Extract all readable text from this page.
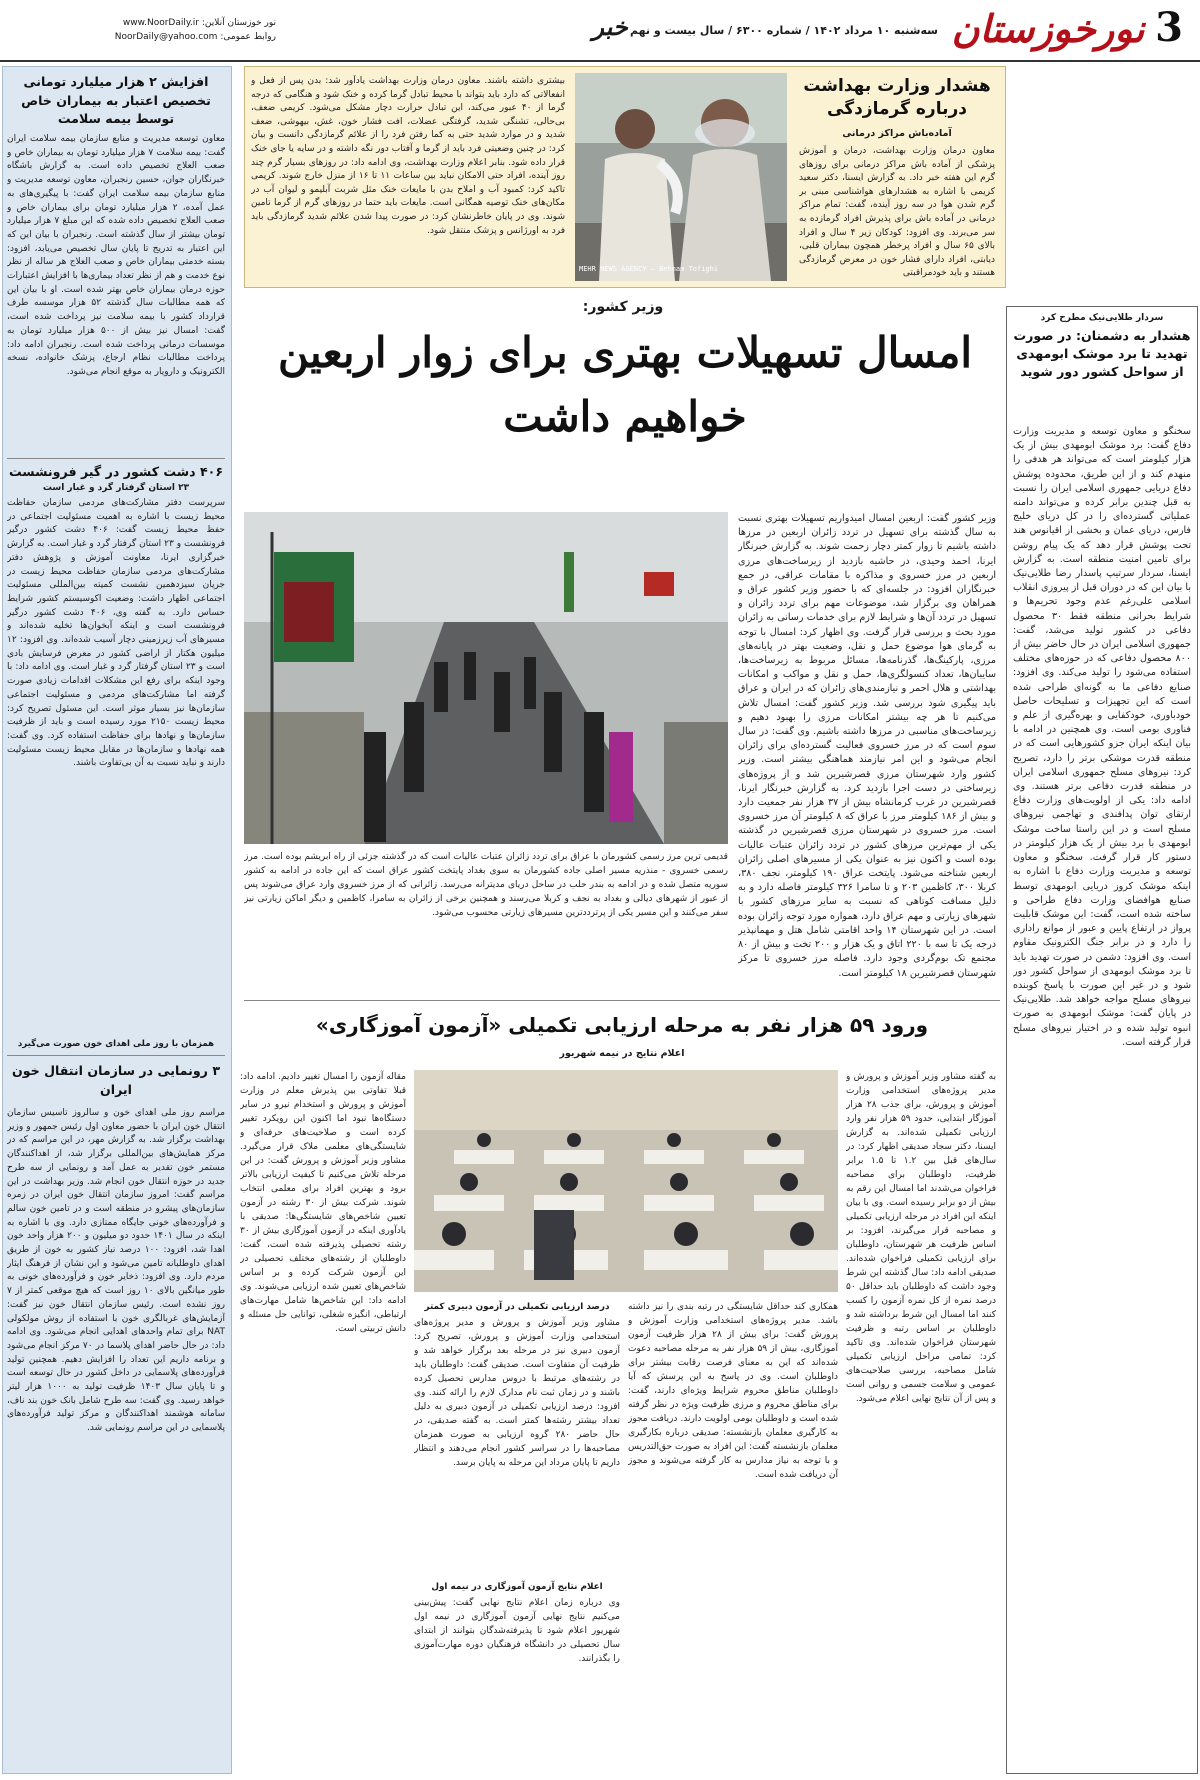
3
نورخوزستان
سه‌شنبه ۱۰ مرداد ۱۴۰۲ / شماره ۶۳۰۰ / سال بیست و نهم
خبر
نور خوزستان آنلاین: www.NoorDaily.ir
روابط عمومی: NoorDaily@yahoo.com
هشدار وزارت بهداشت درباره گرمازدگی
آماده‌باش مراکز درمانی
معاون درمان وزارت بهداشت، درمان و آموزش پزشکی از آماده باش مراکز درمانی برای روزهای گرم این هفته خبر داد. به گزارش ایسنا، دکتر سعید کریمی با اشاره به هشدارهای هواشناسی مبنی بر گرم شدن هوا در سه روز آینده، گفت: تمام مراکز درمانی در آماده باش برای پذیرش افراد گرمازده به سر می‌برند. وی افزود: کودکان زیر ۴ سال و افراد بالای ۶۵ سال و افراد پرخطر همچون بیماران قلبی، دیابتی، افراد دارای فشار خون در معرض گرمازدگی هستند و باید خودمراقبتی
MEHR NEWS AGENCY — Behnam Tofighi
بیشتری داشته باشند. معاون درمان وزارت بهداشت یادآور شد: بدن پس از فعل و انفعالاتی که دارد باید بتواند با محیط تبادل گرما کرده و خنک شود و هنگامی که درجه گرما از ۴۰ عبور می‌کند، این تبادل حرارت دچار مشکل می‌شود. کریمی ضعف، بی‌حالی، تشنگی شدید، گرفتگی عضلات، افت فشار خون، غش، بیهوشی، ضعف شدید و در موارد شدید حتی به کما رفتن فرد را از علائم گرمازدگی دانست و بیان کرد: در چنین وضعیتی فرد باید از گرما و آفتاب دور نگه داشته و در سایه یا جای خنک قرار داده شود. بنابر اعلام وزارت بهداشت، وی ادامه داد: در روزهای بسیار گرم چند روز آینده، افراد حتی الامکان نباید بین ساعات ۱۱ تا ۱۶ از منزل خارج شوند. کریمی تاکید کرد: کمبود آب و املاح بدن با مایعات خنک مثل شربت آبلیمو و لیوان آب در مکان‌های خنک توصیه همگانی است. مایعات باید حتما در روزهای گرم از گرما تامین شوند. وی در پایان خاطرنشان کرد: در صورت پیدا شدن علائم شدید گرمازدگی باید فرد به اورژانس و پزشک منتقل شود.
سردار طلایی‌نیک مطرح کرد
هشدار به دشمنان: در صورت تهدید تا برد موشک ابومهدی از سواحل کشور دور شوید
سخنگو و معاون توسعه و مدیریت وزارت دفاع گفت: برد موشک ابومهدی بیش از یک هزار کیلومتر است که می‌تواند هر هدفی را منهدم کند و از این طریق، محدوده پوشش دفاع دریایی جمهوری اسلامی ایران را نسبت به قبل چندین برابر کرده و می‌تواند دامنه عملیاتی گسترده‌ای را در کل دریای خلیج فارس، دریای عمان و بخشی از اقیانوس هند تحت پوشش قرار دهد که یک پیام روشن برای تامین امنیت منطقه است. به گزارش ایسنا، سردار سرتیپ پاسدار رضا طلایی‌نیک با بیان این که در دوران قبل از پیروزی انقلاب اسلامی علی‌رغم عدم وجود تحریم‌ها و شرایط بحرانی منطقه فقط ۳۰ محصول دفاعی در کشور تولید می‌شد، گفت: جمهوری اسلامی ایران در حال حاضر بیش از ۸۰۰ محصول دفاعی که در حوزه‌های مختلف استفاده می‌شود را تولید می‌کند. وی افزود: صنایع دفاعی ما به گونه‌ای طراحی شده است که این تجهیزات و تسلیحات حاصل خودباوری، خودکفایی و بهره‌گیری از علم و فناوری بومی است. وی همچنین در ادامه با بیان اینکه ایران جزو کشورهایی است که در منطقه قدرت موشکی برتر را دارد، تصریح کرد: نیروهای مسلح جمهوری اسلامی ایران در منطقه قدرت دفاعی برتر هستند. وی ادامه داد: یکی از اولویت‌های وزارت دفاع ارتقای توان پدافندی و تهاجمی نیروهای مسلح است و در این راستا ساخت موشک ابومهدی با برد بیش از یک هزار کیلومتر در دستور کار قرار گرفت. سخنگو و معاون توسعه و مدیریت وزارت دفاع با اشاره به اینکه موشک کروز دریایی ابومهدی توسط صنایع هوافضای وزارت دفاع طراحی و ساخته شده است، گفت: این موشک قابلیت پرواز در ارتفاع پایین و عبور از موانع راداری را دارد و در برابر جنگ الکترونیک مقاوم است. وی افزود: دشمن در صورت تهدید باید تا برد موشک ابومهدی از سواحل کشور دور شود و در غیر این صورت با پاسخ کوبنده نیروهای مسلح مواجه خواهد شد. طلایی‌نیک در پایان گفت: موشک ابومهدی به صورت انبوه تولید شده و در اختیار نیروهای مسلح قرار گرفته است.
افزایش ۲ هزار میلیارد تومانی تخصیص اعتبار به بیماران خاص توسط بیمه سلامت
معاون توسعه مدیریت و منابع سازمان بیمه سلامت ایران گفت: بیمه سلامت ۷ هزار میلیارد تومان به بیماران خاص و صعب العلاج تخصیص داده است. به گزارش باشگاه خبرنگاران جوان، حسین رنجبران، معاون توسعه مدیریت و منابع سازمان بیمه سلامت ایران گفت: با پیگیری‌های به عمل آمده، ۲ هزار میلیارد تومان برای بیماران خاص و صعب العلاج تخصیص داده شده که این مبلغ ۷ هزار میلیارد تومان بیشتر از سال گذشته است. رنجبران با بیان این که این اعتبار به تدریج تا پایان سال تخصیص می‌یابد، افزود: بسته خدمتی بیماران خاص و صعب العلاج هر ساله از نظر نوع خدمت و هم از نظر تعداد بیماری‌ها با افزایش اعتبارات حوزه درمان بیماران خاص بهتر شده است. او با بیان این که همه مطالبات سال گذشته ۵۲ هزار موسسه طرف قرارداد کشور با بیمه سلامت نیز پرداخت شده است، گفت: امسال نیز بیش از ۵۰۰ هزار میلیارد تومان به موسسات درمانی پرداخت شده است. رنجبران ادامه داد: پرداخت مطالبات نظام ارجاع، پزشک خانواده، نسخه الکترونیک و دارویار به موقع انجام می‌شود.
۴۰۶ دشت کشور در گیر فرونشست
۲۳ استان گرفتار گرد و غبار است
سرپرست دفتر مشارکت‌های مردمی سازمان حفاظت محیط زیست با اشاره به اهمیت مسئولیت اجتماعی در حفظ محیط زیست گفت: ۴۰۶ دشت کشور درگیر فرونشست و ۲۳ استان گرفتار گرد و غبار است. به گزارش خبرگزاری ایرنا، معاونت آموزش و پژوهش دفتر مشارکت‌های مردمی سازمان حفاظت محیط زیست در جریان سیزدهمین نشست کمیته بین‌المللی مسئولیت اجتماعی اظهار داشت: وضعیت اکوسیستم کشور شرایط حساس دارد. به گفته وی، ۴۰۶ دشت کشور درگیر فرونشست است و اینکه آبخوان‌ها تخلیه شده‌اند و مسیرهای آب زیرزمینی دچار آسیب شده‌اند. وی افزود: ۱۲ میلیون هکتار از اراضی کشور در معرض فرسایش بادی است و ۲۳ استان گرفتار گرد و غبار است. وی ادامه داد: با وجود اینکه برای رفع این مشکلات اقدامات زیادی صورت گرفته اما مشارکت‌های مردمی و مسئولیت اجتماعی سازمان‌ها نیز بسیار موثر است. این مسئول تصریح کرد: محیط زیست ۲۱۵۰ مورد رسیده است و باید از ظرفیت سازمان‌ها و نهادها برای حفاظت استفاده کرد. وی گفت: همه نهادها و سازمان‌ها در مقابل محیط زیست مسئولیت دارند و نباید نسبت به آن بی‌تفاوت باشند.
همزمان با روز ملی اهدای خون صورت می‌گیرد
۳ رونمایی در سازمان انتقال خون ایران
مراسم روز ملی اهدای خون و سالروز تاسیس سازمان انتقال خون ایران با حضور معاون اول رئیس جمهور و وزیر بهداشت برگزار شد. به گزارش مهر، در این مراسم که در مرکز همایش‌های بین‌المللی برگزار شد، از اهداکنندگان مستمر خون تقدیر به عمل آمد و رونمایی از سه طرح جدید در حوزه انتقال خون انجام شد. وزیر بهداشت در این مراسم گفت: امروز سازمان انتقال خون ایران در زمره سازمان‌های پیشرو در منطقه است و در تامین خون سالم و فرآورده‌های خونی جایگاه ممتازی دارد. وی با اشاره به اینکه در سال ۱۴۰۱ حدود دو میلیون و ۲۰۰ هزار واحد خون اهدا شد، افزود: ۱۰۰ درصد نیاز کشور به خون از طریق اهدای داوطلبانه تامین می‌شود و این نشان از فرهنگ ایثار مردم دارد. وی افزود: ذخایر خون و فرآورده‌های خونی به طور میانگین بالای ۱۰ روز است که هیچ موقعی کمتر از ۷ روز نشده است. رئیس سازمان انتقال خون نیز گفت: آزمایش‌های غربالگری خون با استفاده از روش مولکولی NAT برای تمام واحدهای اهدایی انجام می‌شود. وی ادامه داد: در حال حاضر اهدای پلاسما در ۷۰ مرکز انجام می‌شود و برنامه داریم این تعداد را افزایش دهیم. همچنین تولید فرآورده‌های پلاسمایی در داخل کشور در حال توسعه است و تا پایان سال ۱۴۰۳ ظرفیت تولید به ۱۰۰۰ هزار لیتر خواهد رسید. وی گفت: سه طرح شامل بانک خون بند ناف، سامانه هوشمند اهداکنندگان و مرکز تولید فرآورده‌های پلاسمایی در این مراسم رونمایی شد.
وزیر کشور:
امسال تسهیلات بهتری برای زوار اربعین
خواهیم داشت
وزیر کشور گفت: اربعین امسال امیدواریم تسهیلات بهتری نسبت به سال گذشته برای تسهیل در تردد زائران اربعین در مرزها داشته باشیم تا زوار کمتر دچار زحمت شوند. به گزارش خبرنگار ایرنا، احمد وحیدی، در حاشیه بازدید از زیرساخت‌های مرزی اربعین در مرز خسروی و مذاکره با مقامات عراقی، در جمع خبرنگاران افزود: در جلسه‌ای که با حضور وزیر کشور عراق و همراهان وی برگزار شد، موضوعات مهم برای تردد زائران و تسهیل در تردد آن‌ها و شرایط لازم برای خدمات رسانی به زائران مورد بحث و بررسی قرار گرفت. وی اظهار کرد: امسال با توجه به گرمای هوا موضوع حمل و نقل، وضعیت بهتر در پایانه‌های مرزی، پارکینگ‌ها، گذرنامه‌ها، مسائل مربوط به زیرساخت‌ها، سایبان‌ها، تعداد کنسولگری‌ها، حمل و نقل و مواکب و امکانات بهداشتی و هلال احمر و نیازمندی‌های زائران که در ایران و عراق باید پیگیری شود بررسی شد. وزیر کشور گفت: امسال تلاش می‌کنیم تا هر چه بیشتر امکانات مرزی را بهبود دهیم و زیرساخت‌های مناسبی در مرزها داشته باشیم. وی گفت: در سال سوم است که در مرز خسروی فعالیت گسترده‌ای برای زائران انجام می‌شود و این امر نیازمند هماهنگی بیشتر است. وزیر کشور وارد شهرستان مرزی قصرشیرین شد و از پروژه‌های زیرساختی در دست اجرا بازدید کرد. به گزارش خبرنگار ایرنا، قصرشیرین در غرب کرمانشاه بیش از ۳۷ هزار نفر جمعیت دارد و بیش از ۱۸۶ کیلومتر مرز با عراق که ۸ کیلومتر آن مرز خسروی است. مرز خسروی در شهرستان مرزی قصرشیرین در گذشته یکی از مهم‌ترین مرزهای کشور در تردد زائران عتبات عالیات بوده است و اکنون نیز به عنوان یکی از مسیرهای اصلی زائران اربعین شناخته می‌شود. پایتخت عراق ۱۹۰ کیلومتر، نجف ۳۸۰، کربلا ۳۰۰، کاظمین ۲۰۳ و تا سامرا ۳۲۶ کیلومتر فاصله دارد و به دلیل مسافت کوتاهی که نسبت به سایر مرزهای کشور با شهرهای زیارتی و مهم عراق دارد، همواره مورد توجه زائران بوده است. در این شهرستان ۱۴ واحد اقامتی شامل هتل و مهمانپذیر درجه یک تا سه با ۲۲۰ اتاق و یک هزار و ۲۰۰ تخت و بیش از ۸۰ مجتمع تک بوم‌گردی وجود دارد. فاصله مرز خسروی تا مرکز شهرستان قصرشیرین ۱۸ کیلومتر است.
قدیمی ترین مرز رسمی کشورمان با عراق برای تردد زائران عتبات عالیات است که در گذشته جزئی از راه ابریشم بوده است. مرز رسمی خسروی - منذریه مسیر اصلی جاده کشورمان به سوی بغداد پایتخت کشور عراق است که این جاده در ادامه به کشور سوریه متصل شده و در ادامه به بندر حلب در ساحل دریای مدیترانه می‌رسد. زائرانی که از مرز خسروی وارد عراق می‌شوند پس از عبور از شهرهای دیالی و بغداد به نجف و کربلا می‌رسند و همچنین برخی از زائران به سامرا، کاظمین و دیگر اماکن زیارتی نیز سفر می‌کنند و این مسیر یکی از پرترددترین مسیرهای زیارتی محسوب می‌شود.
ورود ۵۹ هزار نفر به مرحله ارزیابی تکمیلی «آزمون آموزگاری»
اعلام نتایج در نیمه شهریور
به گفته مشاور وزیر آموزش و پرورش و مدیر پروژه‌های استخدامی وزارت آموزش و پرورش، برای جذب ۲۸ هزار آموزگار ابتدایی، حدود ۵۹ هزار نفر وارد ارزیابی تکمیلی شده‌اند. به گزارش ایسنا، دکتر سجاد صدیقی اظهار کرد: در سال‌های قبل بین ۱.۲ تا ۱.۵ برابر ظرفیت، داوطلبان برای مصاحبه فراخوان می‌شدند اما امسال این رقم به بیش از دو برابر رسیده است. وی با بیان اینکه این افراد در مرحله ارزیابی تکمیلی و مصاحبه قرار می‌گیرند، افزود: بر اساس ظرفیت هر شهرستان، داوطلبان برای ارزیابی تکمیلی فراخوان شده‌اند. صدیقی ادامه داد: سال گذشته این شرط وجود داشت که داوطلبان باید حداقل ۵۰ درصد نمره از کل نمره آزمون را کسب کنند اما امسال این شرط برداشته شد و داوطلبان بر اساس رتبه و ظرفیت شهرستان فراخوان شده‌اند. وی تاکید کرد: تمامی مراحل ارزیابی تکمیلی شامل مصاحبه، بررسی صلاحیت‌های عمومی و سلامت جسمی و روانی است و پس از آن نتایج نهایی اعلام می‌شود.
مقاله آزمون را امسال تغییر دادیم. ادامه داد: قبلا تفاوتی بین پذیرش معلم در وزارت آموزش و پرورش و استخدام نیرو در سایر دستگاه‌ها نبود اما اکنون این رویکرد تغییر کرده است و صلاحیت‌های حرفه‌ای و شایستگی‌های معلمی ملاک قرار می‌گیرد. مشاور وزیر آموزش و پرورش گفت: در این مرحله تلاش می‌کنیم تا کیفیت ارزیابی بالاتر برود و بهترین افراد برای معلمی انتخاب شوند. شرکت بیش از ۳۰ رشته در آزمون تعیین شاخص‌های شایستگی‌ها: صدیقی با یادآوری اینکه در آزمون آموزگاری بیش از ۳۰ رشته تحصیلی پذیرفته شده است، گفت: داوطلبان از رشته‌های مختلف تحصیلی در این آزمون شرکت کرده و بر اساس شاخص‌های تعیین شده ارزیابی می‌شوند. وی ادامه داد: این شاخص‌ها شامل مهارت‌های ارتباطی، انگیزه شغلی، توانایی حل مسئله و دانش تربیتی است.
همکاری کند حداقل شایستگی در رتبه بندی را نیز داشته باشد. مدیر پروژه‌های استخدامی وزارت آموزش و پرورش گفت: برای بیش از ۲۸ هزار ظرفیت آزمون آموزگاری، بیش از ۵۹ هزار نفر به مرحله مصاحبه دعوت شده‌اند که این به معنای فرصت رقابت بیشتر برای داوطلبان است. وی در پاسخ به این پرسش که آیا داوطلبان مناطق محروم شرایط ویژه‌ای دارند، گفت: برای مناطق محروم و مرزی ظرفیت ویژه در نظر گرفته شده است و داوطلبان بومی اولویت دارند. دریافت مجوز به کارگیری معلمان بازنشسته: صدیقی درباره بکارگیری معلمان بازنشسته گفت: این افراد به صورت حق‌التدریس و با توجه به نیاز مدارس به کار گرفته می‌شوند و مجوز آن دریافت شده است.
درصد ارزیابی تکمیلی در آزمون دبیری کمتر
مشاور وزیر آموزش و پرورش و مدیر پروژه‌های استخدامی وزارت آموزش و پرورش، تصریح کرد: آزمون دبیری نیز در مرحله بعد برگزار خواهد شد و ظرفیت آن متفاوت است. صدیقی گفت: داوطلبان باید در رشته‌های مرتبط با دروس مدارس تحصیل کرده باشند و در زمان ثبت نام مدارک لازم را ارائه کنند. وی افزود: درصد ارزیابی تکمیلی در آزمون دبیری به دلیل تعداد بیشتر رشته‌ها کمتر است. به گفته صدیقی، در حال حاضر ۲۸۰ گروه ارزیابی به صورت همزمان مصاحبه‌ها را در سراسر کشور انجام می‌دهند و انتظار داریم تا پایان مرداد این مرحله به پایان برسد.
اعلام نتایج آزمون آموزگاری در نیمه اول
وی درباره زمان اعلام نتایج نهایی گفت: پیش‌بینی می‌کنیم نتایج نهایی آزمون آموزگاری در نیمه اول شهریور اعلام شود تا پذیرفته‌شدگان بتوانند از ابتدای سال تحصیلی در دانشگاه فرهنگیان دوره مهارت‌آموزی را بگذرانند.
